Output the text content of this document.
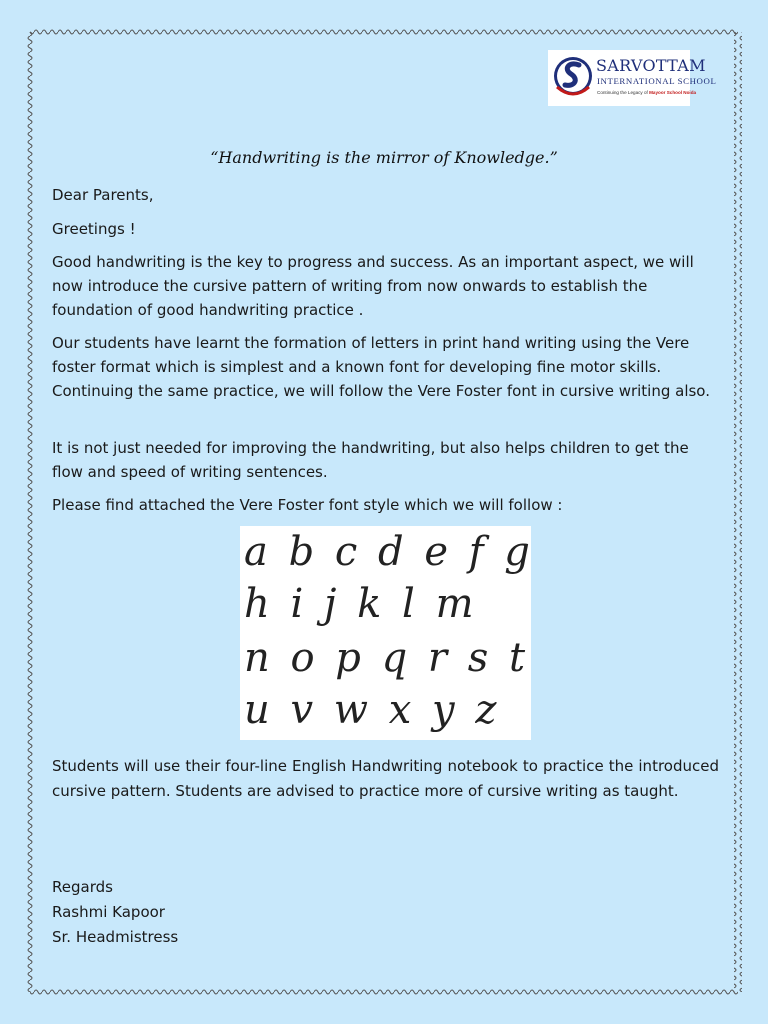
SARVOTTAM
INTERNATIONAL SCHOOL
Continuing the Legacy of Mayoor School Noida
“Handwriting is the mirror of Knowledge.”

Dear Parents,

Greetings !

Good handwriting is the key to progress and success. As an important aspect, we will now introduce the cursive pattern of writing from now onwards to establish the foundation of good handwriting practice .

Our students have learnt the formation of letters in print hand writing using the Vere foster format which is simplest and a known font for developing fine motor skills. Continuing the same practice, we will follow the Vere Foster font in cursive writing also.

It is not just needed for improving the handwriting, but also helps children to get the flow and speed of writing sentences.

Please find attached the Vere Foster font style which we will follow :

a b c d e f g
h i j k l m
n o p q r s t
u v w x y z

Students will use their four-line English Handwriting notebook to practice the introduced cursive pattern. Students are advised to practice more of cursive writing as taught.

Regards

Rashmi Kapoor

Sr. Headmistress
